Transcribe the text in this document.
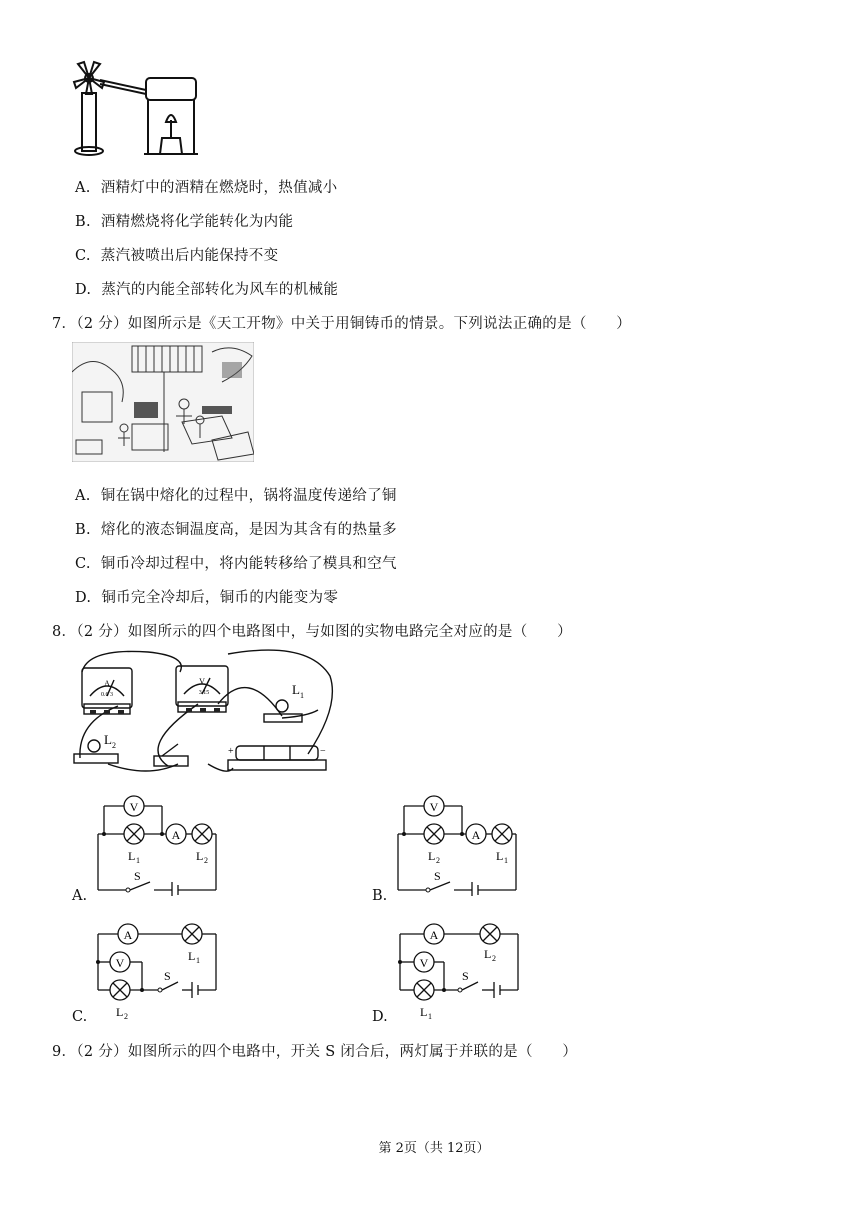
A. 酒精灯中的酒精在燃烧时，热值减小
B. 酒精燃烧将化学能转化为内能
C. 蒸汽被喷出后内能保持不变
D. 蒸汽的内能全部转化为风车的机械能
7．（2 分）如图所示是《天工开物》中关于用铜铸币的情景。下列说法正确的是（　　）
A. 铜在锅中熔化的过程中，锅将温度传递给了铜
B. 熔化的液态铜温度高，是因为其含有的热量多
C. 铜币冷却过程中，将内能转移给了模具和空气
D. 铜币完全冷却后，铜币的内能变为零
8．（2 分）如图所示的四个电路图中，与如图的实物电路完全对应的是（　　）
A
0.6 3
V
3 15	L 1
L 2
+	−
V
A
L 1	L 2
S
A.
V
A
L 2	L 1
S
B.
A
V	L 1
L 2
S
C.
A
V
L 2
L 1
S
D.
9．（2 分）如图所示的四个电路中，开关 S 闭合后，两灯属于并联的是（　　）
第 2页（共 12页）
